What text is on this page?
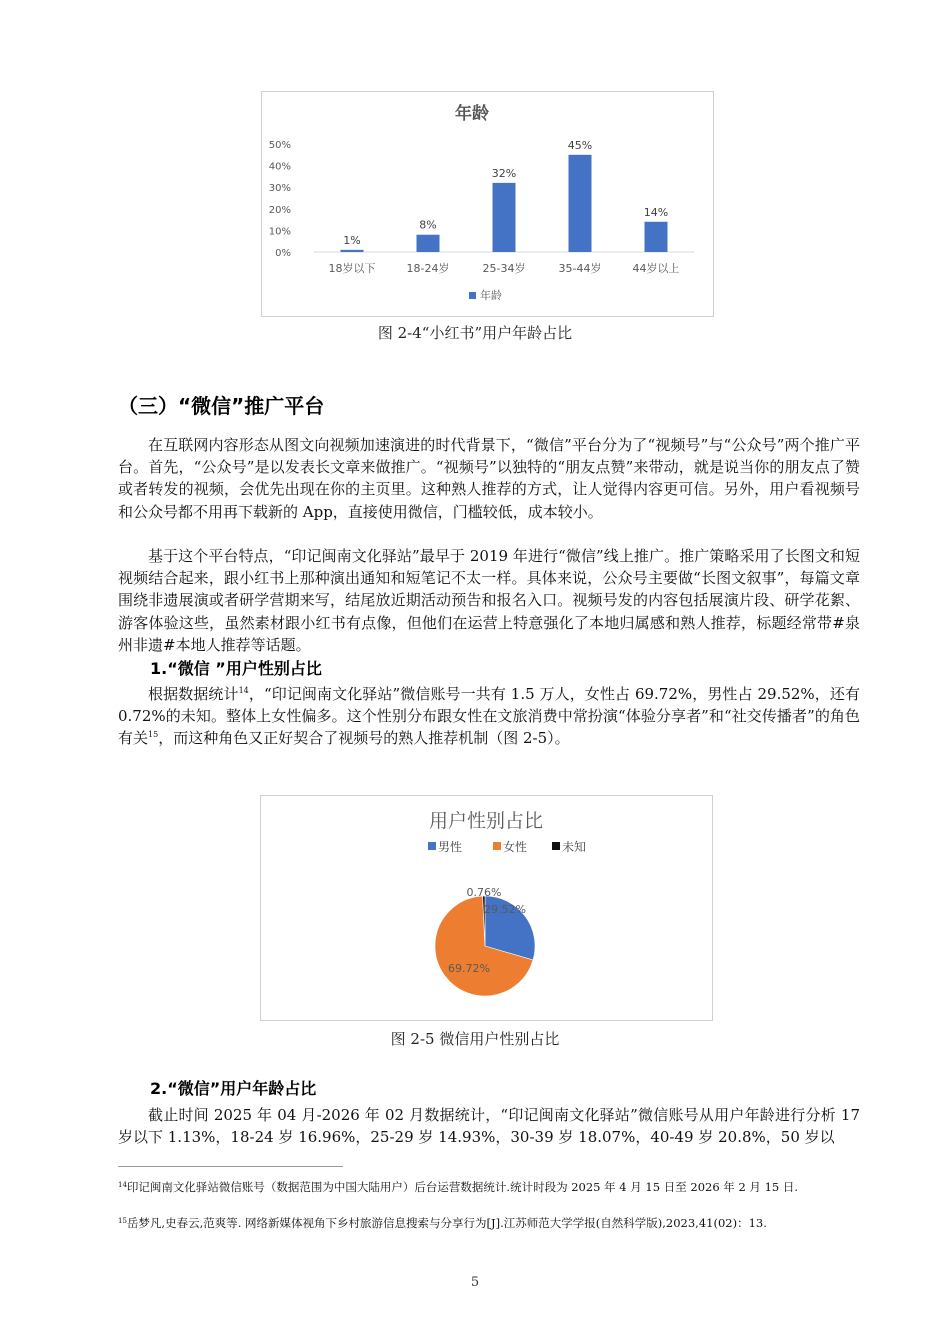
年龄
0%
10%
20%
30%
40%
50%
1%
8%
32%
45%
14%
18岁以下	18-24岁	25-34岁	35-44岁	44岁以上
年龄
图 2-4“小红书”用户年龄占比
（三）“微信”推广平台

在互联网内容形态从图文向视频加速演进的时代背景下，“微信”平台分为了“视频号”与“公众号”两个推广平台。首先，“公众号”是以发表长文章来做推广。“视频号”以独特的“朋友点赞”来带动，就是说当你的朋友点了赞或者转发的视频，会优先出现在你的主页里。这种熟人推荐的方式，让人觉得内容更可信。另外，用户看视频号和公众号都不用再下载新的 App，直接使用微信，门槛较低，成本较小。

基于这个平台特点，“印记闽南文化驿站”最早于 2019 年进行“微信”线上推广。推广策略采用了长图文和短视频结合起来，跟小红书上那种演出通知和短笔记不太一样。具体来说，公众号主要做“长图文叙事”，每篇文章围绕非遗展演或者研学营期来写，结尾放近期活动预告和报名入口。视频号发的内容包括展演片段、研学花絮、游客体验这些，虽然素材跟小红书有点像，但他们在运营上特意强化了本地归属感和熟人推荐，标题经常带#泉州非遗#本地人推荐等话题。

1.“微信 ”用户性别占比

根据数据统计$^{14}$，“印记闽南文化驿站”微信账号一共有 1.5 万人，女性占 69.72%，男性占 29.52%，还有 0.72%的未知。整体上女性偏多。这个性别分布跟女性在文旅消费中常扮演“体验分享者”和“社交传播者”的角色有关$^{15}$，而这种角色又正好契合了视频号的熟人推荐机制（图 2-5）。

用户性别占比
男性	女性	未知
29.52%
69.72%
0.76%
图 2-5 微信用户性别占比
2.“微信”用户年龄占比

截止时间 2025 年 04 月-2026 年 02 月数据统计，“印记闽南文化驿站”微信账号从用户年龄进行分析 17 岁以下 1.13%，18-24 岁 16.96%，25-29 岁 14.93%，30-39 岁 18.07%，40-49 岁 20.8%，50 岁以

$^{14}$印记闽南文化驿站微信账号（数据范围为中国大陆用户）后台运营数据统计.统计时段为 2025 年 4 月 15 日至 2026 年 2 月 15 日.

$^{15}$岳梦凡,史春云,范爽等. 网络新媒体视角下乡村旅游信息搜索与分享行为[J].江苏师范大学学报(自然科学版),2023,41(02)：13.

5
